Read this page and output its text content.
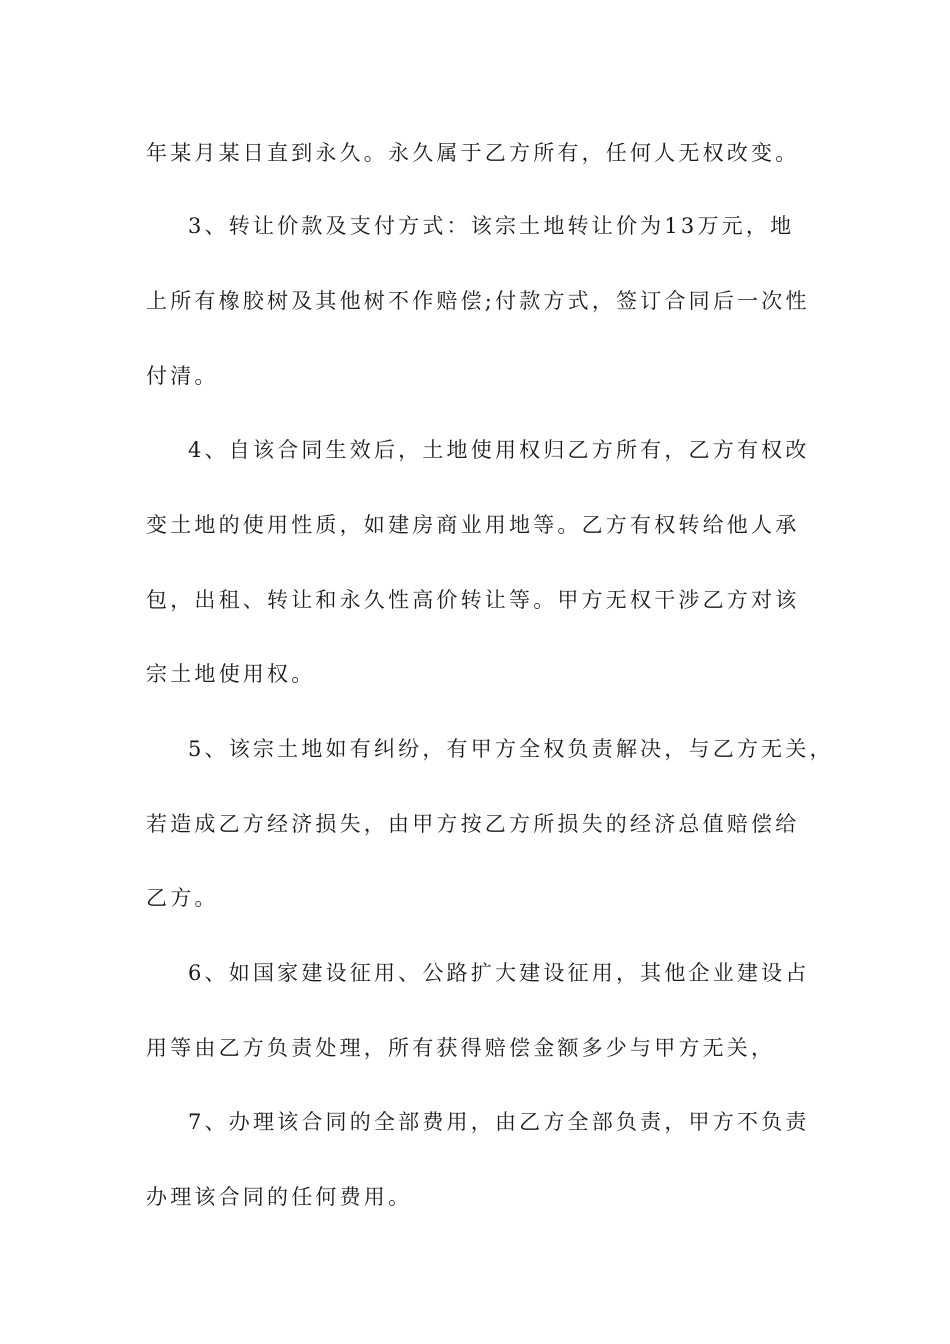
年某月某日直到永久。永久属于乙方所有，任何人无权改变。
3、转让价款及支付方式：该宗土地转让价为13万元，地
上所有橡胶树及其他树不作赔偿;付款方式，签订合同后一次性
付清。
4、自该合同生效后，土地使用权归乙方所有，乙方有权改
变土地的使用性质，如建房商业用地等。乙方有权转给他人承
包，出租、转让和永久性高价转让等。甲方无权干涉乙方对该
宗土地使用权。
5、该宗土地如有纠纷，有甲方全权负责解决，与乙方无关，
若造成乙方经济损失，由甲方按乙方所损失的经济总值赔偿给
乙方。
6、如国家建设征用、公路扩大建设征用，其他企业建设占
用等由乙方负责处理，所有获得赔偿金额多少与甲方无关，
7、办理该合同的全部费用，由乙方全部负责，甲方不负责
办理该合同的任何费用。
